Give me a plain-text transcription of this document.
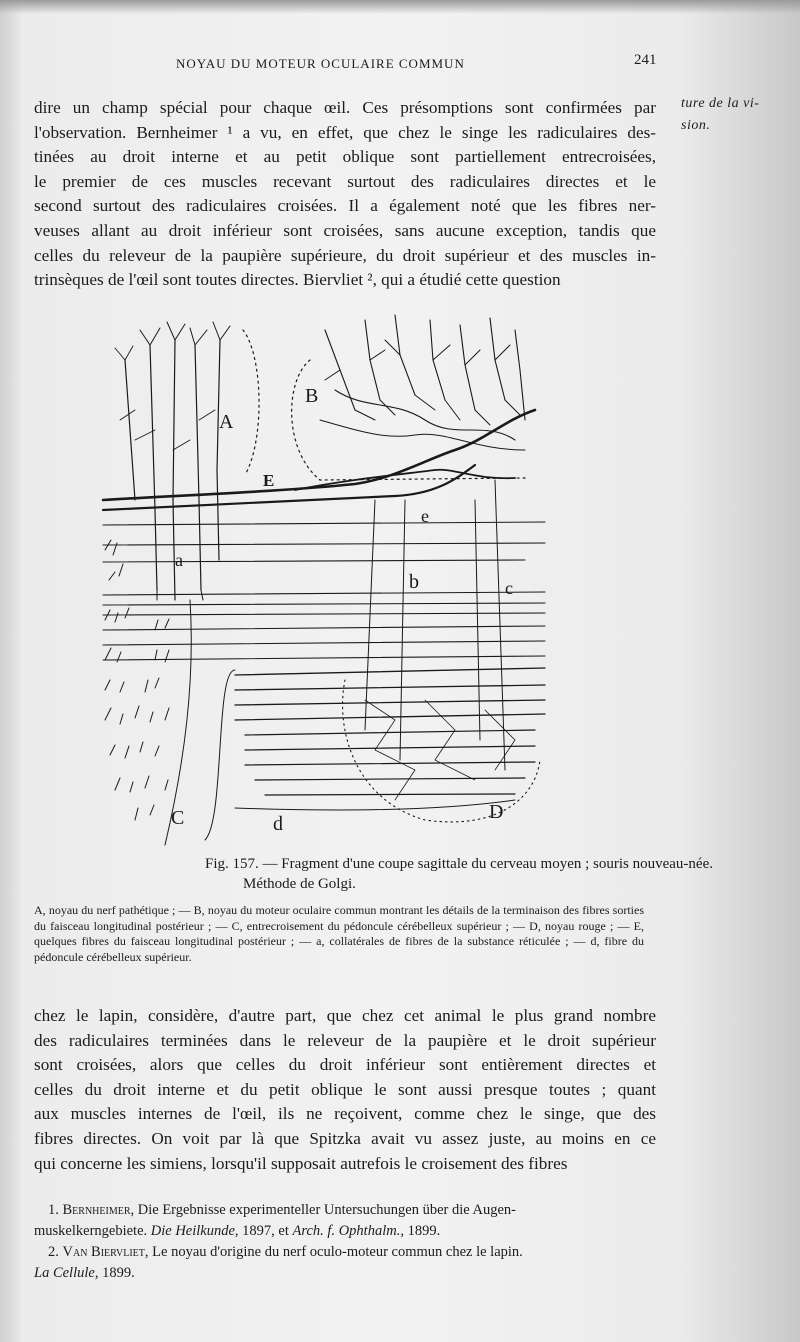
NOYAU DU MOTEUR OCULAIRE COMMUN	241
ture de la vi-
sion.
dire un champ spécial pour chaque œil. Ces présomptions sont confirmées par
l'observation. Bernheimer ¹ a vu, en effet, que chez le singe les radiculaires des-
tinées au droit interne et au petit oblique sont partiellement entrecroisées,
le premier de ces muscles recevant surtout des radiculaires directes et le
second surtout des radiculaires croisées. Il a également noté que les fibres ner-
veuses allant au droit inférieur sont croisées, sans aucune exception, tandis que
celles du releveur de la paupière supérieure, du droit supérieur et des muscles in-
trinsèques de l'œil sont toutes directes. Biervliet ², qui a étudié cette question
A
B
E
e
a
b	c
C	d
D
Fig. 157. — Fragment d'une coupe sagittale du cerveau moyen ; souris nouveau-née.
Méthode de Golgi.
A, noyau du nerf pathétique ; — B, noyau du moteur oculaire commun montrant les détails de la terminaison des fibres sorties du faisceau longitudinal postérieur ; — C, entrecroisement du pédoncule cérébelleux supérieur ; — D, noyau rouge ; — E, quelques fibres du faisceau longitudinal postérieur ; — a, collatérales de fibres de la substance réticulée ; — d, fibre du pédoncule cérébelleux supérieur.
chez le lapin, considère, d'autre part, que chez cet animal le plus grand nombre
des radiculaires terminées dans le releveur de la paupière et le droit supérieur
sont croisées, alors que celles du droit inférieur sont entièrement directes et
celles du droit interne et du petit oblique le sont aussi presque toutes ; quant
aux muscles internes de l'œil, ils ne reçoivent, comme chez le singe, que des
fibres directes. On voit par là que Spitzka avait vu assez juste, au moins en ce
qui concerne les simiens, lorsqu'il supposait autrefois le croisement des fibres

1. Bernheimer, Die Ergebnisse experimenteller Untersuchungen über die Augen-

muskelkerngebiete. Die Heilkunde, 1897, et Arch. f. Ophthalm., 1899.

2. Van Biervliet, Le noyau d'origine du nerf oculo-moteur commun chez le lapin.

La Cellule, 1899.
